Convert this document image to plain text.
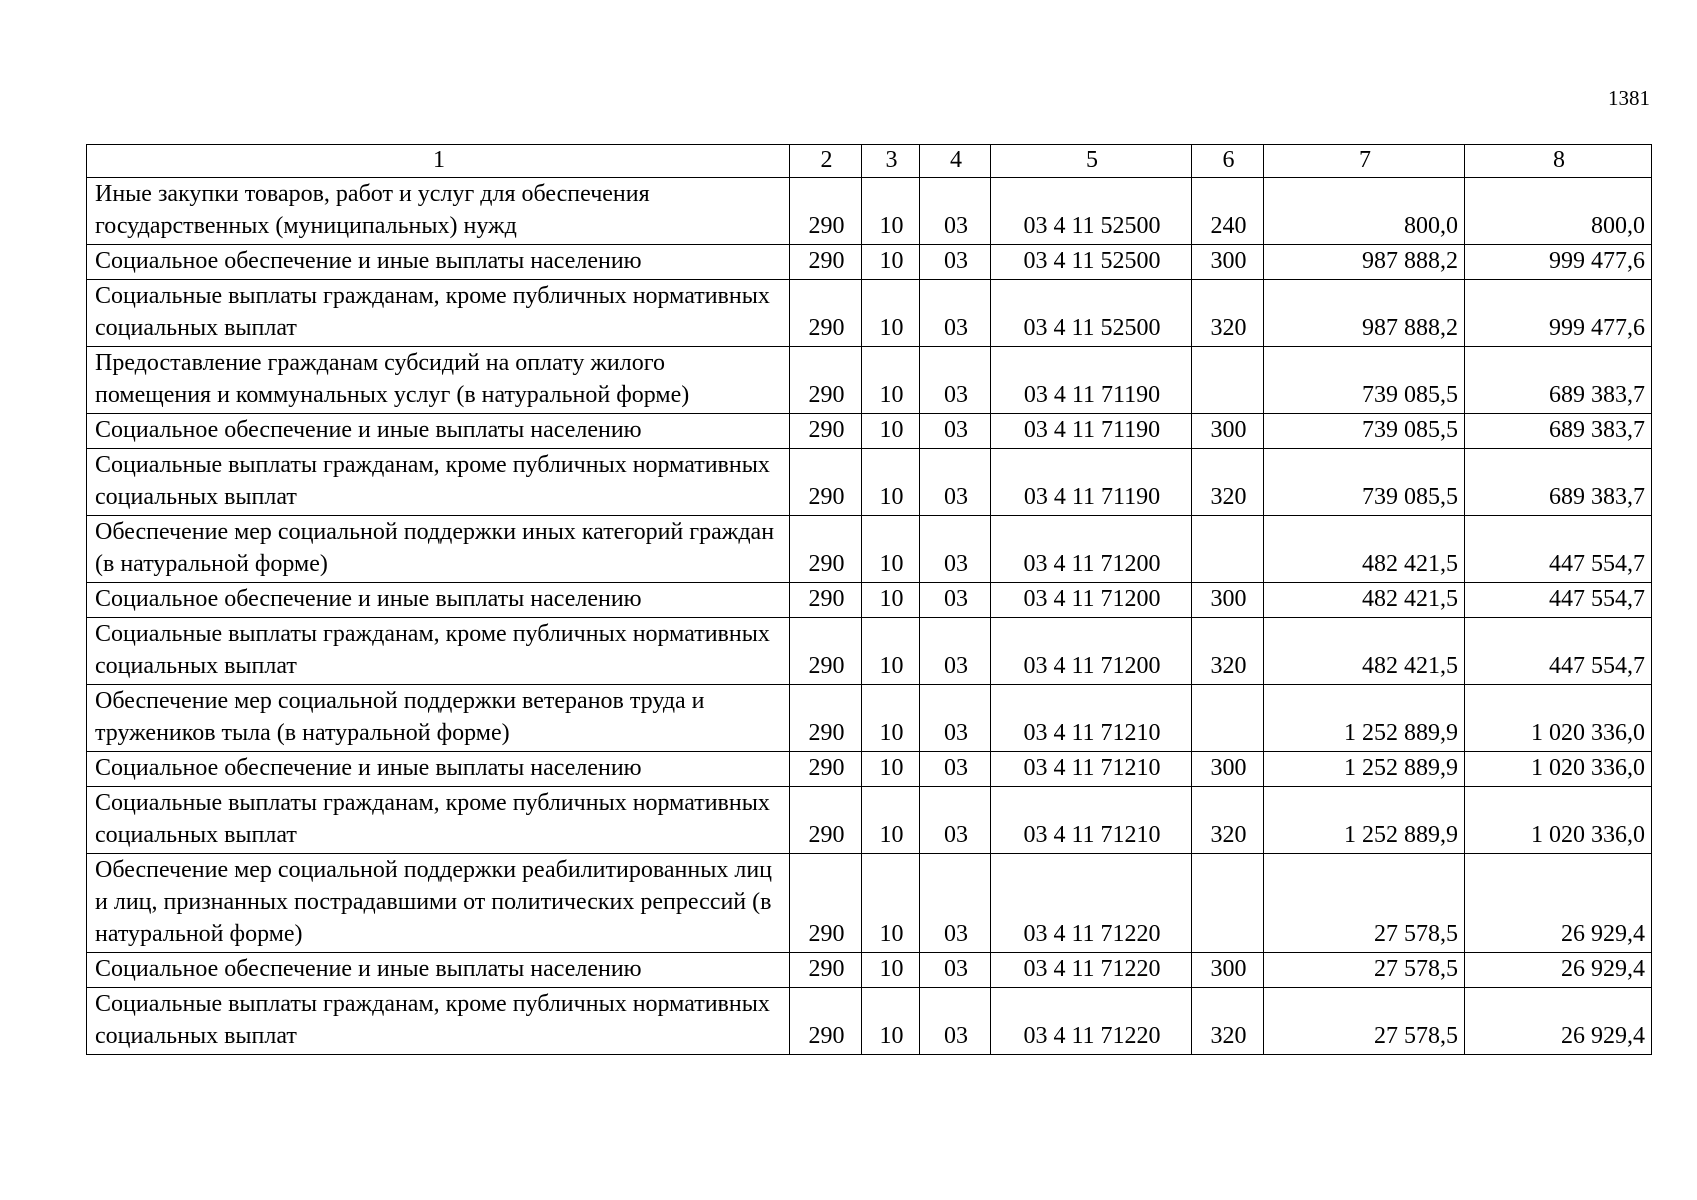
1381
1	2	3	4	5	6	7	8
Иные закупки товаров, работ и услуг для обеспечения государственных (муниципальных) нужд	290	10	03	03 4 11 52500	240	800,0	800,0
Социальное обеспечение и иные выплаты населению	290	10	03	03 4 11 52500	300	987 888,2	999 477,6
Социальные выплаты гражданам, кроме публичных нормативных социальных выплат	290	10	03	03 4 11 52500	320	987 888,2	999 477,6
Предоставление гражданам субсидий на оплату жилого помещения и коммунальных услуг (в натуральной форме)	290	10	03	03 4 11 71190		739 085,5	689 383,7
Социальное обеспечение и иные выплаты населению	290	10	03	03 4 11 71190	300	739 085,5	689 383,7
Социальные выплаты гражданам, кроме публичных нормативных социальных выплат	290	10	03	03 4 11 71190	320	739 085,5	689 383,7
Обеспечение мер социальной поддержки иных категорий граждан (в натуральной форме)	290	10	03	03 4 11 71200		482 421,5	447 554,7
Социальное обеспечение и иные выплаты населению	290	10	03	03 4 11 71200	300	482 421,5	447 554,7
Социальные выплаты гражданам, кроме публичных нормативных социальных выплат	290	10	03	03 4 11 71200	320	482 421,5	447 554,7
Обеспечение мер социальной поддержки ветеранов труда и тружеников тыла (в натуральной форме)	290	10	03	03 4 11 71210		1 252 889,9	1 020 336,0
Социальное обеспечение и иные выплаты населению	290	10	03	03 4 11 71210	300	1 252 889,9	1 020 336,0
Социальные выплаты гражданам, кроме публичных нормативных социальных выплат	290	10	03	03 4 11 71210	320	1 252 889,9	1 020 336,0
Обеспечение мер социальной поддержки реабилитированных лиц и лиц, признанных пострадавшими от политических репрессий (в натуральной форме)	290	10	03	03 4 11 71220		27 578,5	26 929,4
Социальное обеспечение и иные выплаты населению	290	10	03	03 4 11 71220	300	27 578,5	26 929,4
Социальные выплаты гражданам, кроме публичных нормативных социальных выплат	290	10	03	03 4 11 71220	320	27 578,5	26 929,4
